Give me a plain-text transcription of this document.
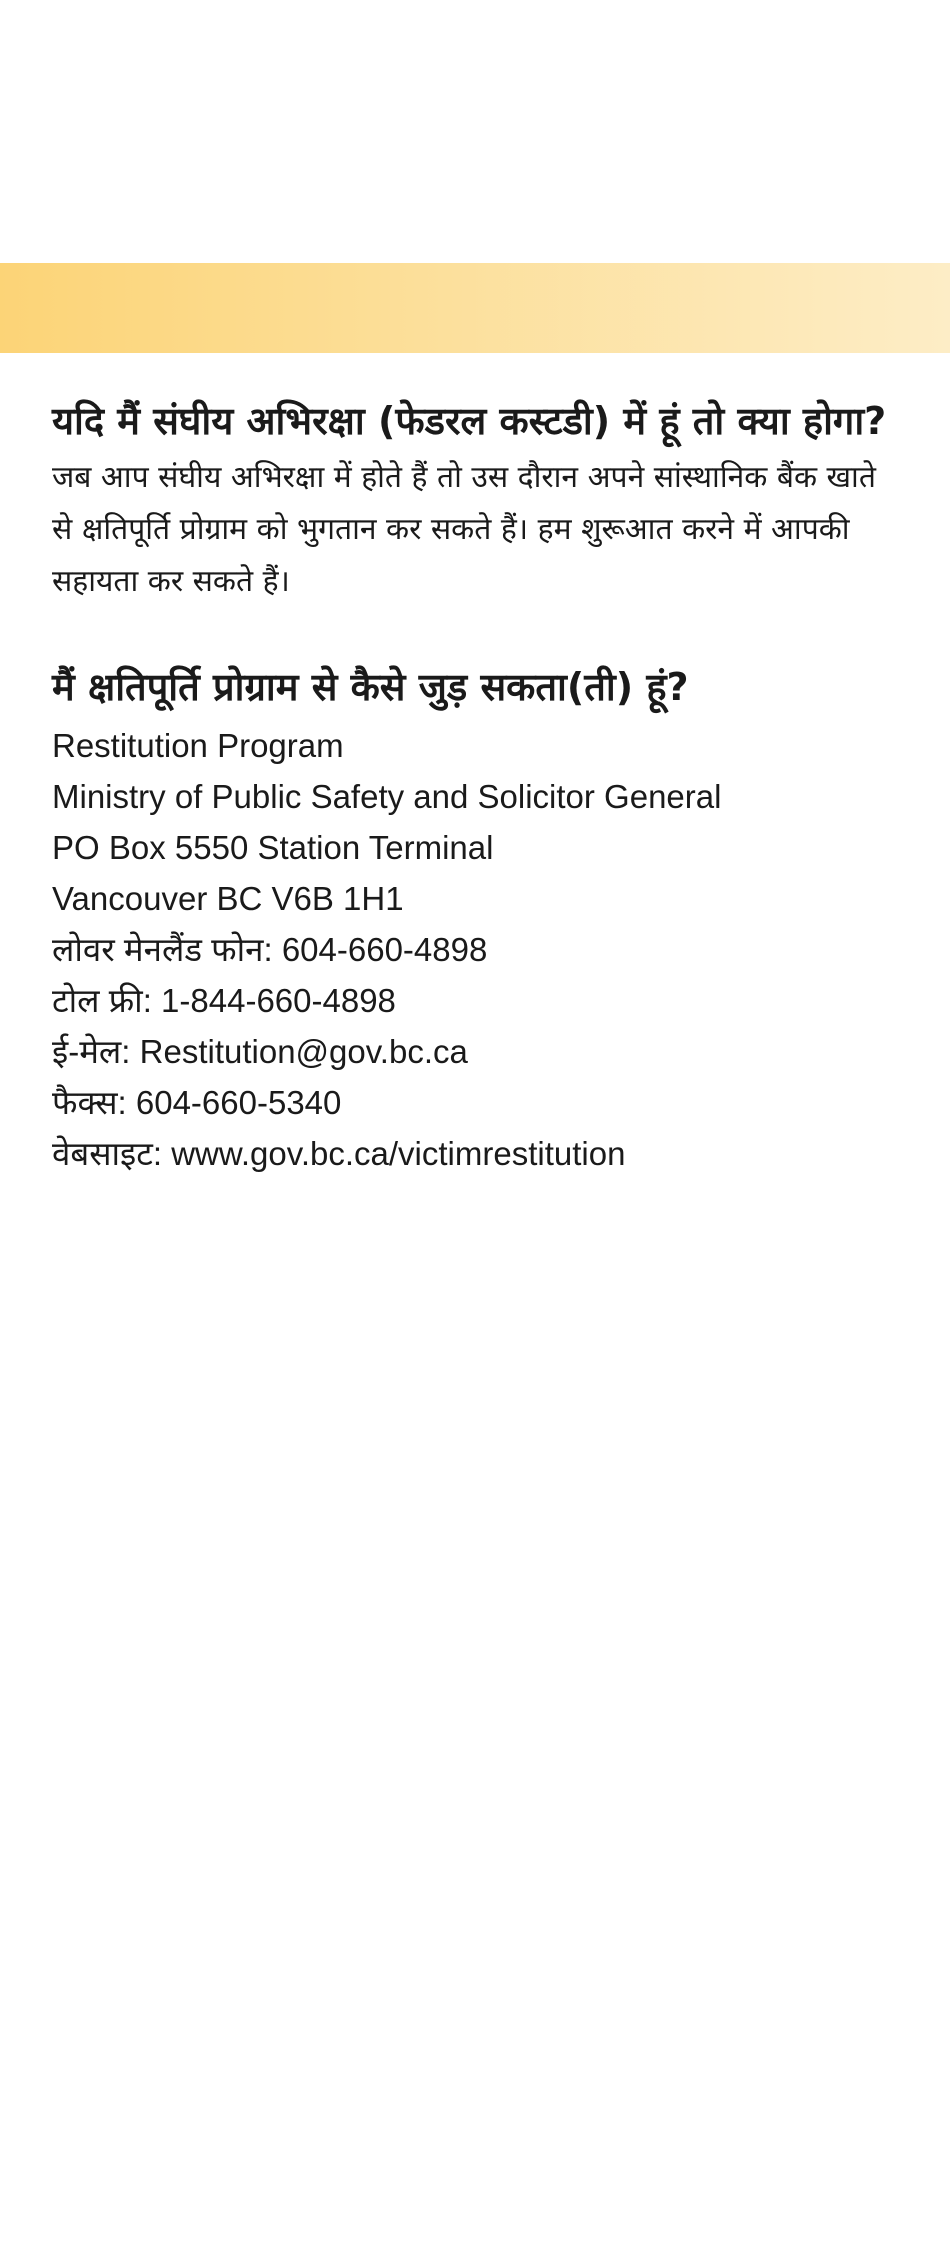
यदि मैं संघीय अभिरक्षा (फेडरल कस्टडी) में हूं तो क्या होगा?

जब आप संघीय अभिरक्षा में होते हैं तो उस दौरान अपने सांस्थानिक बैंक खाते से क्षतिपूर्ति प्रोग्राम को भुगतान कर सकते हैं। हम शुरूआत करने में आपकी सहायता कर सकते हैं।

मैं क्षतिपूर्ति प्रोग्राम से कैसे जुड़ सकता(ती) हूं?

Restitution Program

Ministry of Public Safety and Solicitor General

PO Box 5550 Station Terminal

Vancouver BC V6B 1H1

लोवर मेनलैंड फोन: 604-660-4898

टोल फ्री: 1-844-660-4898

ई-मेल: Restitution@gov.bc.ca

फैक्स: 604-660-5340

वेबसाइट: www.gov.bc.ca/victimrestitution
